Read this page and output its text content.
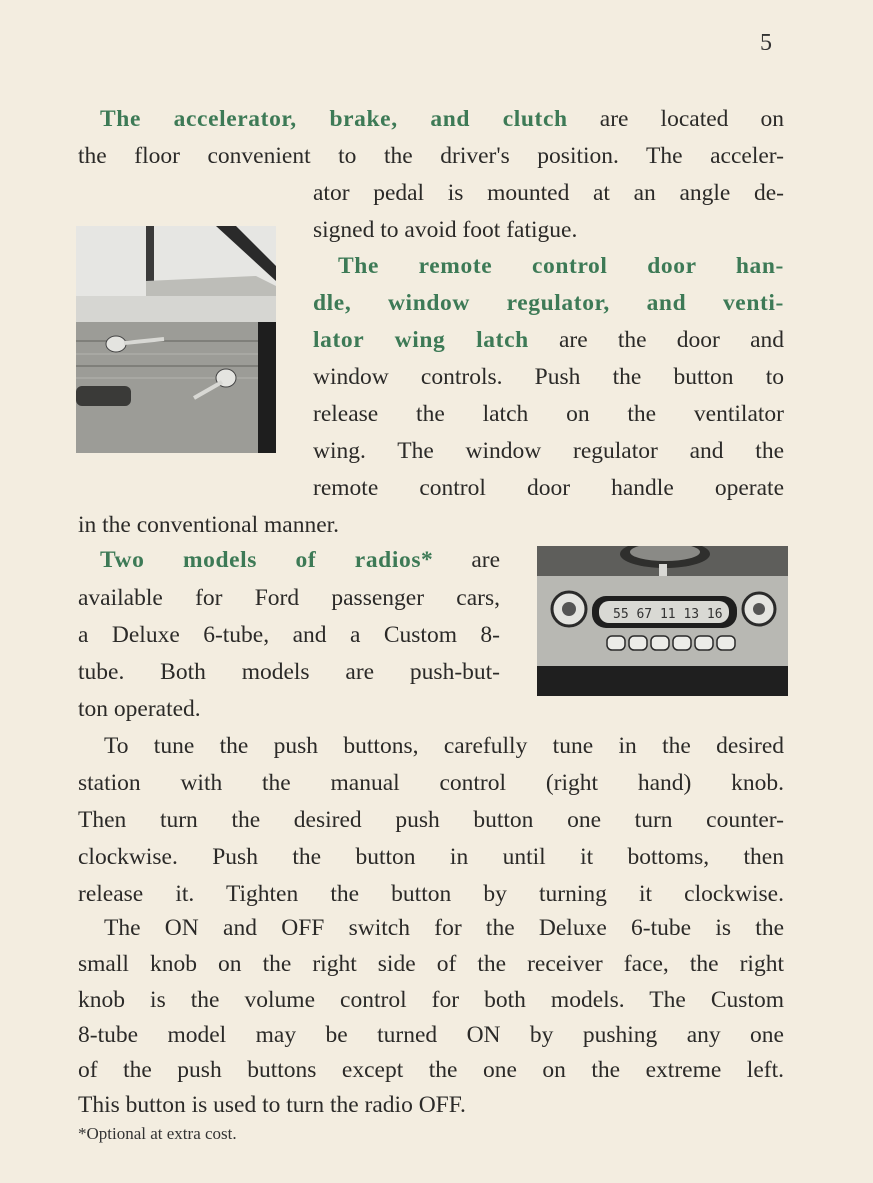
5
The accelerator, brake, and clutch are located on
the floor convenient to the driver's position. The acceler-
ator pedal is mounted at an angle de-
signed to avoid foot fatigue.
The remote control door han-
dle, window regulator, and venti-
lator wing latch are the door and
window controls. Push the button to
release the latch on the ventilator
wing. The window regulator and the
remote control door handle operate
in the conventional manner.
55 67 11 13 16
Two models of radios* are
available for Ford passenger cars,
a Deluxe 6-tube, and a Custom 8-
tube. Both models are push-but-
ton operated.
To tune the push buttons, carefully tune in the desired
station with the manual control (right hand) knob.
Then turn the desired push button one turn counter-
clockwise. Push the button in until it bottoms, then
release it. Tighten the button by turning it clockwise.
The ON and OFF switch for the Deluxe 6-tube is the
small knob on the right side of the receiver face, the right
knob is the volume control for both models. The Custom
8-tube model may be turned ON by pushing any one
of the push buttons except the one on the extreme left.
This button is used to turn the radio OFF.
*Optional at extra cost.
